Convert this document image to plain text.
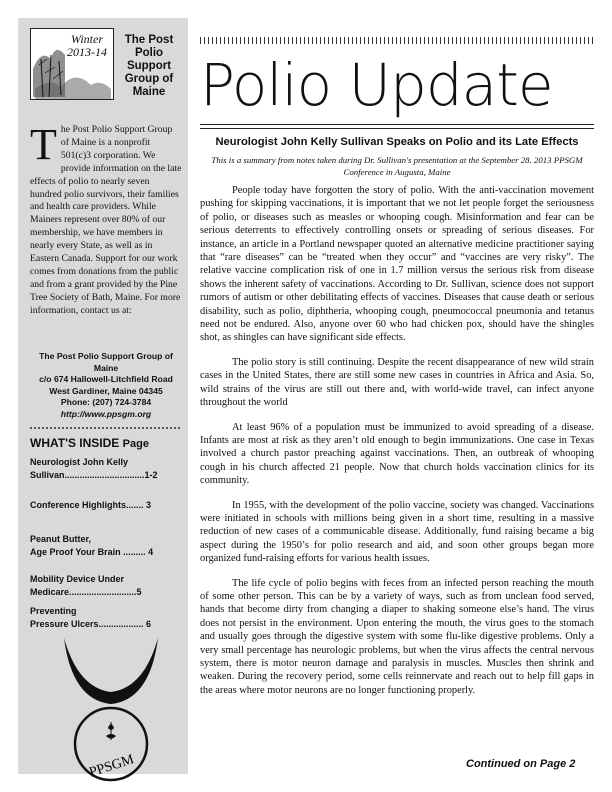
Winter
2013-14
The Post Polio Support Group of Maine
T he Post Polio Support Group of Maine is a nonprofit 501(c)3 corporation. We provide information on the late effects of polio to nearly seven hundred polio survivors, their families and health care providers. While Mainers represent over 80% of our membership, we have members in nearly every State, as well as in Eastern Canada. Support for our work comes from donations from the public and from a grant provided by the Pine Tree Society of Bath, Maine. For more information, contact us at:
The Post Polio Support Group of Maine
c/o 674 Hallowell-Litchfield Road
West Gardiner, Maine 04345
Phone: (207) 724-3784
http://www.ppsgm.org
WHAT'S INSIDE Page
Neurologist John Kelly
Sullivan................................1-2
Conference Highlights....... 3
Peanut Butter,
Age Proof Your Brain ......... 4
Mobility Device Under
Medicare...........................5
Preventing
Pressure Ulcers.................. 6
PPSGM
Polio Update
Neurologist John Kelly Sullivan Speaks on Polio and its Late Effects
This is a summary from notes taken during Dr. Sullivan's presentation at the September 28. 2013 PPSGM Conference in Augusta, Maine

People today have forgotten the story of polio. With the anti-vaccination movement pushing for skipping vaccinations, it is important that we not let people forget the seriousness of polio, or diseases such as measles or whooping cough. Misinformation and fear can be serious deterrents to effectively controlling onsets or spreading of serious diseases. For instance, an article in a Portland newspaper quoted an alternative medicine practitioner saying that “rare diseases” can be “treated when they occur” and “vaccines are very risky”. The relative vaccine complication risk of one in 1.7 million versus the serious risk from disease shows the inherent safety of vaccinations. According to Dr. Sullivan, science does not support rumors of autism or other debilitating effects of vaccines. Diseases that cause death or serious disability, such as polio, diphtheria, whooping cough, pneumococcal pneumonia and tetanus need not be endured. Also, anyone over 60 who had chicken pox, should have the shingles shot, as shingles can have significant side effects.

The polio story is still continuing. Despite the recent disappearance of new wild strain cases in the United States, there are still some new cases in countries in Africa and Asia. So, wild strains of the virus are still out there and, with world-wide travel, can infect anyone throughout the world

At least 96% of a population must be immunized to avoid spreading of a disease. Infants are most at risk as they aren’t old enough to begin immunizations. One case in Texas involved a church pastor preaching against vaccinations. Then, an outbreak of whooping cough in his church affected 21 people. Now that church holds vaccination clinics for its community.

In 1955, with the development of the polio vaccine, society was changed. Vaccinations were initiated in schools with millions being given in a short time, resulting in a massive reduction of new cases of a communicable disease. Additionally, fund raising became a big aspect during the 1950’s for polio research and aid, and soon other groups began more organized fund-raising efforts for various health issues.

The life cycle of polio begins with feces from an infected person reaching the mouth of some other person. This can be by a variety of ways, such as from unclean food served, hands that become dirty from changing a diaper to shaking someone else’s hand. The virus does not persist in the environment. Upon entering the mouth, the virus goes to the stomach and usually goes through the digestive system with some flu-like digestive problems. Only a very small percentage has neurologic problems, but when the virus affects the central nervous system, there is motor neuron damage and paralysis in muscles. Muscles then shrink and weaken. During the recovery period, some cells reinnervate and reach out to help fill gaps in the areas where motor neurons are no longer functioning properly.

Continued on Page 2
